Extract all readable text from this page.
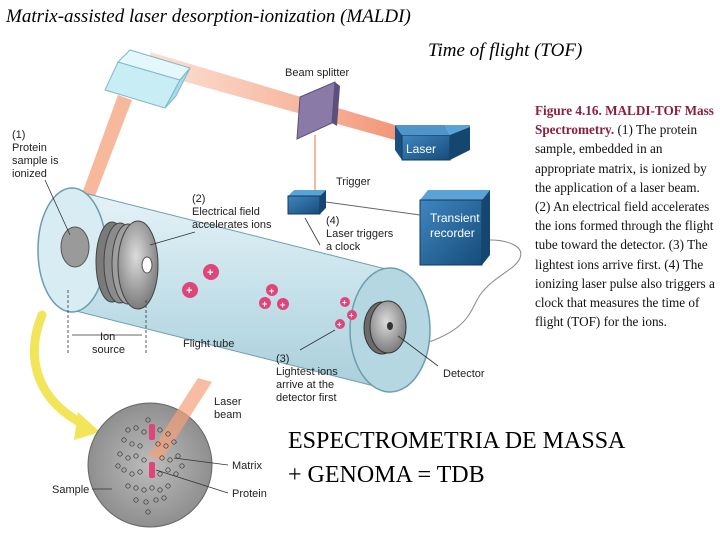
Matrix-assisted laser desorption-ionization (MALDI)
Time of flight (TOF)
Beam splitter
Laser
Trigger
Transient
recorder
+
+	+
+ +	+
+
+
(1)
Protein
sample is
ionized
(2)
Electrical field
accelerates ions	(4)
Laser triggers
a clock
Ion
source	Flight tube
(3)
Lightest ions
arrive at the
detector first
Detector
Laser
beam
Matrix
Sample	Protein
Figure 4.16. MALDI-TOF Mass Spectrometry. (1) The protein sample, embedded in an appropriate matrix, is ionized by the application of a laser beam. (2) An electrical field accelerates the ions formed through the flight tube toward the detector. (3) The lightest ions arrive first. (4) The ionizing laser pulse also triggers a clock that measures the time of flight (TOF) for the ions.
ESPECTROMETRIA DE MASSA
+ GENOMA = TDB
